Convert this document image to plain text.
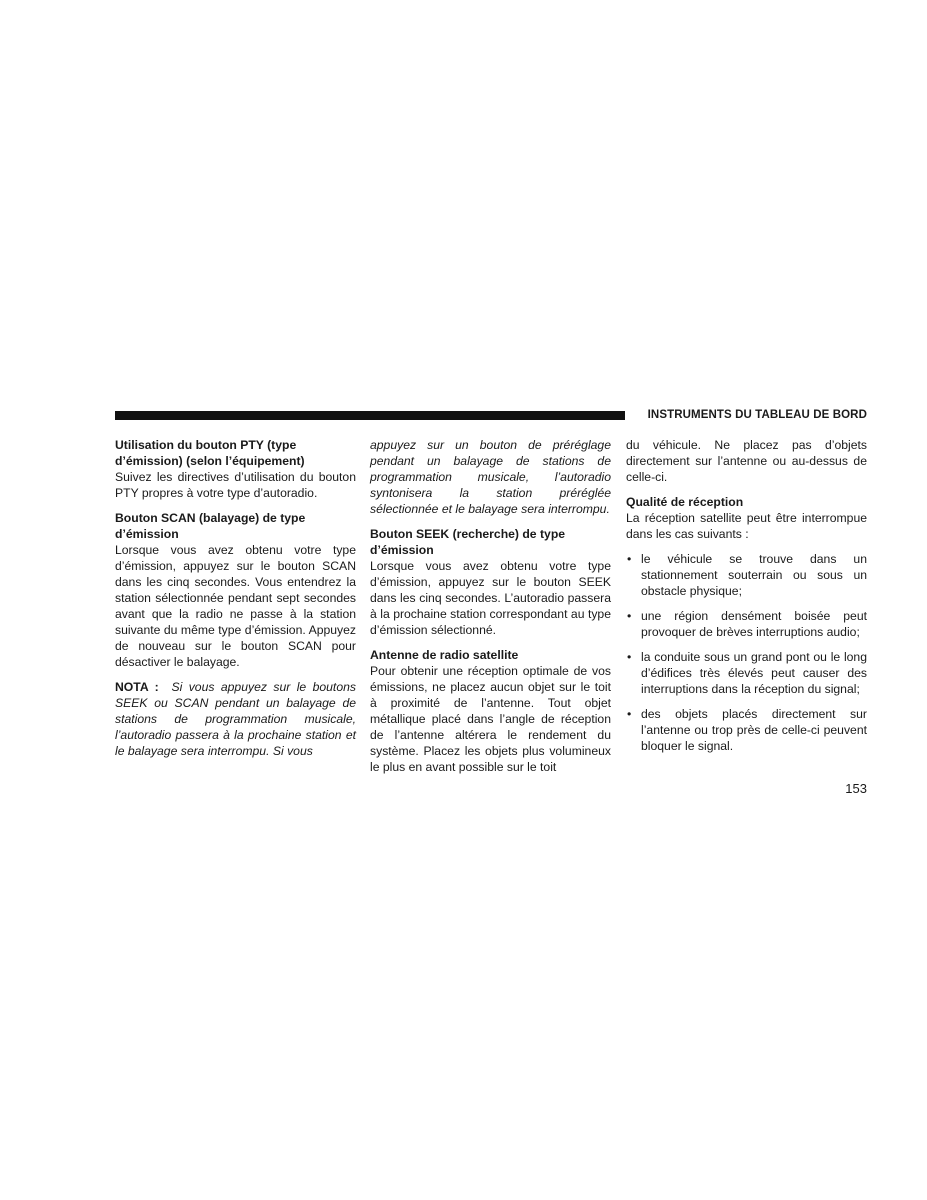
INSTRUMENTS DU TABLEAU DE BORD
Utilisation du bouton PTY (type
d’émission) (selon l’équipement)

Suivez les directives d’utilisation du bouton PTY propres à votre type d’autoradio.

Bouton SCAN (balayage) de type
d’émission

Lorsque vous avez obtenu votre type d’émission, appuyez sur le bouton SCAN dans les cinq secondes. Vous entendrez la station sélectionnée pendant sept secondes avant que la radio ne passe à la station suivante du même type d’émission. Appuyez de nouveau sur le bouton SCAN pour désactiver le balayage.

NOTA : Si vous appuyez sur le boutons SEEK ou SCAN pendant un balayage de stations de programmation musicale, l’autoradio passera à la prochaine station et le balayage sera interrompu. Si vous

appuyez sur un bouton de préréglage pendant un balayage de stations de programmation musicale, l’autoradio syntonisera la station préréglée sélectionnée et le balayage sera interrompu.

Bouton SEEK (recherche) de type
d’émission

Lorsque vous avez obtenu votre type d’émission, appuyez sur le bouton SEEK dans les cinq secondes. L’autoradio passera à la prochaine station correspondant au type d’émission sélectionné.

Antenne de radio satellite

Pour obtenir une réception optimale de vos émissions, ne placez aucun objet sur le toit à proximité de l’antenne. Tout objet métallique placé dans l’angle de réception de l’antenne altérera le rendement du système. Placez les objets plus volumineux le plus en avant possible sur le toit

du véhicule. Ne placez pas d’objets directement sur l’antenne ou au-dessus de celle-ci.

Qualité de réception

La réception satellite peut être interrompue dans les cas suivants :

• le véhicule se trouve dans un stationnement souterrain ou sous un obstacle physique;
• une région densément boisée peut provoquer de brèves interruptions audio;
• la conduite sous un grand pont ou le long d’édifices très élevés peut causer des interruptions dans la réception du signal;
• des objets placés directement sur l’antenne ou trop près de celle-ci peuvent bloquer le signal.
153
